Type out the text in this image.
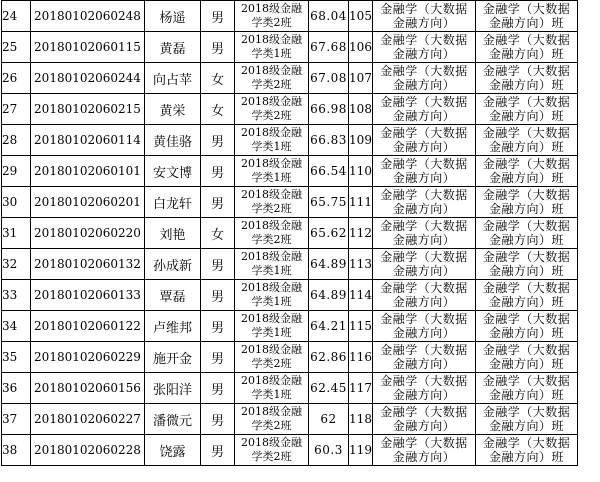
24	20180102060248	杨遥	男	2018级金融
学类2班	68.04	105	金融学（大数据
金融方向）	金融学（大数据
金融方向）班

25	20180102060115	黄磊	男	2018级金融
学类1班	67.68	106	金融学（大数据
金融方向）	金融学（大数据
金融方向）班

26	20180102060244	向占苹	女	2018级金融
学类2班	67.08	107	金融学（大数据
金融方向）	金融学（大数据
金融方向）班

27	20180102060215	黄栄	女	2018级金融
学类2班	66.98	108	金融学（大数据
金融方向）	金融学（大数据
金融方向）班

28	20180102060114	黄佳骆	男	2018级金融
学类1班	66.83	109	金融学（大数据
金融方向）	金融学（大数据
金融方向）班

29	20180102060101	安文博	男	2018级金融
学类1班	66.54	110	金融学（大数据
金融方向）	金融学（大数据
金融方向）班

30	20180102060201	白龙轩	男	2018级金融
学类2班	65.75	111	金融学（大数据
金融方向）	金融学（大数据
金融方向）班

31	20180102060220	刘艳	女	2018级金融
学类2班	65.62	112	金融学（大数据
金融方向）	金融学（大数据
金融方向）班

32	20180102060132	孙成新	男	2018级金融
学类1班	64.89	113	金融学（大数据
金融方向）	金融学（大数据
金融方向）班

33	20180102060133	覃磊	男	2018级金融
学类1班	64.89	114	金融学（大数据
金融方向）	金融学（大数据
金融方向）班

34	20180102060122	卢维邦	男	2018级金融
学类1班	64.21	115	金融学（大数据
金融方向）	金融学（大数据
金融方向）班

35	20180102060229	施开金	男	2018级金融
学类2班	62.86	116	金融学（大数据
金融方向）	金融学（大数据
金融方向）班

36	20180102060156	张阳洋	男	2018级金融
学类1班	62.45	117	金融学（大数据
金融方向）	金融学（大数据
金融方向）班

37	20180102060227	潘微元	男	2018级金融
学类2班	62	118	金融学（大数据
金融方向）	金融学（大数据
金融方向）班

38	20180102060228	饶露	男	2018级金融
学类2班	60.3	119	金融学（大数据
金融方向）	金融学（大数据
金融方向）班
